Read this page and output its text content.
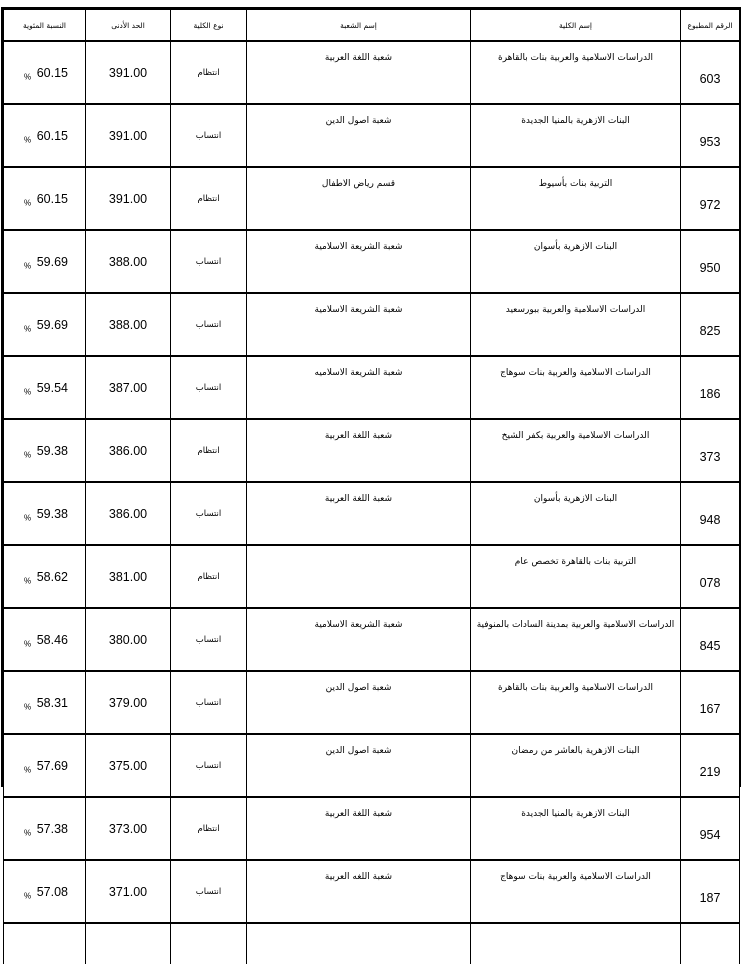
الرقم المطبوع	إسم الكلية	إسم الشعبة	نوع الكلية	الحد الأدنى	النسبة المئوية
603	الدراسات الاسلامية والعربية بنات بالقاهرة	شعبة اللغة العربية	انتظام	391.00	60.15
%

953	البنات الازهرية بالمنيا الجديدة	شعبة اصول الدين	انتساب	391.00	60.15
%

972	التربية بنات بأسيوط	قسم رياض الاطفال	انتظام	391.00	60.15
%

950	البنات الازهرية بأسوان	شعبة الشريعة الاسلامية	انتساب	388.00	59.69
%

825	الدراسات الاسلامية والعربية ببورسعيد	شعبة الشريعة الاسلامية	انتساب	388.00	59.69
%

186	الدراسات الاسلامية والعربية بنات سوهاج	شعبة الشريعة الاسلاميه	انتساب	387.00	59.54
%

373	الدراسات الاسلامية والعربية بكفر الشيخ	شعبة اللغة العربية	انتظام	386.00	59.38
%

948	البنات الازهرية بأسوان	شعبة اللغة العربية	انتساب	386.00	59.38
%

078	التربية بنات بالقاهرة تخصص عام		انتظام	381.00	58.62
%

845	الدراسات الاسلامية والعربية بمدينة السادات بالمنوفية	شعبة الشريعة الاسلامية	انتساب	380.00	58.46
%

167	الدراسات الاسلامية والعربية بنات بالقاهرة	شعبة اصول الدين	انتساب	379.00	58.31
%

219	البنات الازهرية بالعاشر من رمضان	شعبة اصول الدين	انتساب	375.00	57.69
%

954	البنات الازهرية بالمنيا الجديدة	شعبة اللغة العربية	انتظام	373.00	57.38
%

187	الدراسات الاسلامية والعربية بنات سوهاج	شعبة اللغه العربية	انتساب	371.00	57.08
%
